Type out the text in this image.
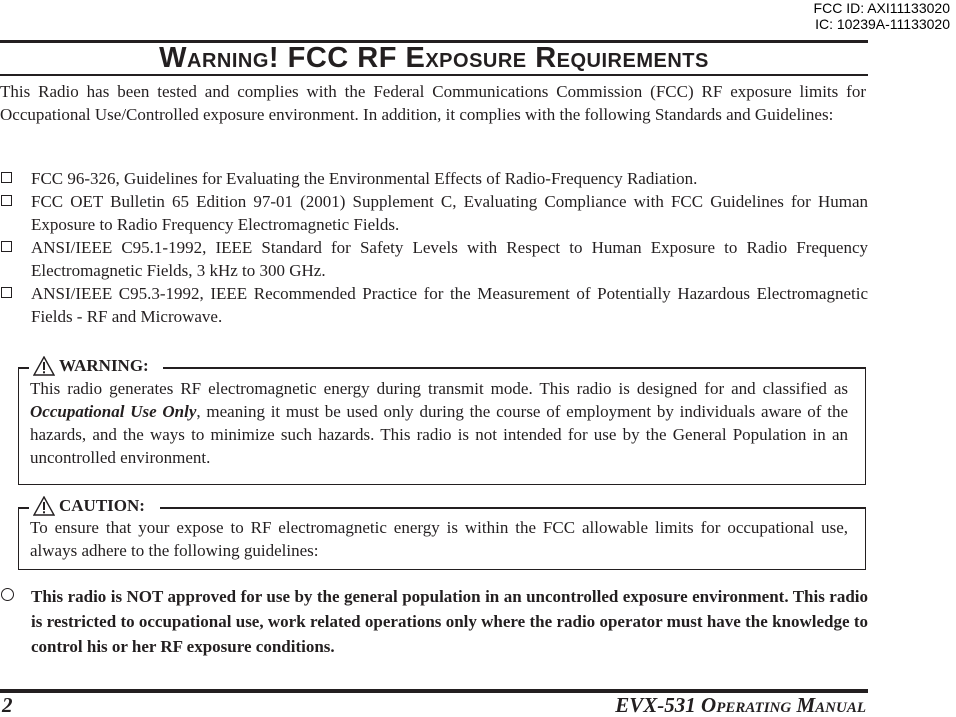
FCC ID: AXI11133020
IC: 10239A-11133020
Warning! FCC RF Exposure Requirements
This Radio has been tested and complies with the Federal Communications Commission (FCC) RF exposure limits for Occupational Use/Controlled exposure environment. In addition, it complies with the following Standards and Guidelines:
FCC 96-326, Guidelines for Evaluating the Environmental Effects of Radio-Frequency Radiation.
FCC OET Bulletin 65 Edition 97-01 (2001) Supplement C, Evaluating Compliance with FCC Guidelines for Human Exposure to Radio Frequency Electromagnetic Fields.
ANSI/IEEE C95.1-1992, IEEE Standard for Safety Levels with Respect to Human Exposure to Radio Frequency Electromagnetic Fields, 3 kHz to 300 GHz.
ANSI/IEEE C95.3-1992, IEEE Recommended Practice for the Measurement of Potentially Hazardous Electromagnetic Fields - RF and Microwave.
This radio generates RF electromagnetic energy during transmit mode. This radio is designed for and classified as Occupational Use Only, meaning it must be used only during the course of employment by individuals aware of the hazards, and the ways to minimize such hazards. This radio is not intended for use by the General Population in an uncontrolled environment.
WARNING:
To ensure that your expose to RF electromagnetic energy is within the FCC allowable limits for occupational use, always adhere to the following guidelines:
CAUTION:
This radio is NOT approved for use by the general population in an uncontrolled exposure environment. This radio is restricted to occupational use, work related operations only where the radio operator must have the knowledge to control his or her RF exposure conditions.
2	EVX-531 Operating Manual
